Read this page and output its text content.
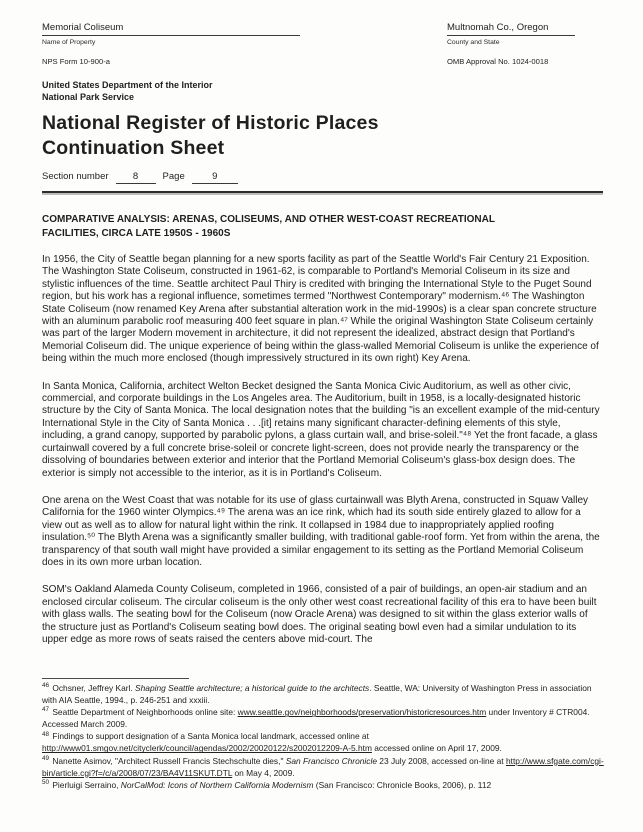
Memorial Coliseum
Name of Property
Multnomah Co., Oregon
County and State
NPS Form 10-900-a	OMB Approval No. 1024-0018
United States Department of the Interior
National Park Service
National Register of Historic Places
Continuation Sheet
Section number	8	Page	9
COMPARATIVE ANALYSIS: ARENAS, COLISEUMS, AND OTHER WEST-COAST RECREATIONAL FACILITIES, CIRCA LATE 1950S - 1960S

In 1956, the City of Seattle began planning for a new sports facility as part of the Seattle World's Fair Century 21 Exposition. The Washington State Coliseum, constructed in 1961-62, is comparable to Portland's Memorial Coliseum in its size and stylistic influences of the time. Seattle architect Paul Thiry is credited with bringing the International Style to the Puget Sound region, but his work has a regional influence, sometimes termed "Northwest Contemporary" modernism.⁴⁶ The Washington State Coliseum (now renamed Key Arena after substantial alteration work in the mid-1990s) is a clear span concrete structure with an aluminum parabolic roof measuring 400 feet square in plan.⁴⁷ While the original Washington State Coliseum certainly was part of the larger Modern movement in architecture, it did not represent the idealized, abstract design that Portland's Memorial Coliseum did. The unique experience of being within the glass-walled Memorial Coliseum is unlike the experience of being within the much more enclosed (though impressively structured in its own right) Key Arena.

In Santa Monica, California, architect Welton Becket designed the Santa Monica Civic Auditorium, as well as other civic, commercial, and corporate buildings in the Los Angeles area. The Auditorium, built in 1958, is a locally-designated historic structure by the City of Santa Monica. The local designation notes that the building "is an excellent example of the mid-century International Style in the City of Santa Monica . . .[it] retains many significant character-defining elements of this style, including, a grand canopy, supported by parabolic pylons, a glass curtain wall, and brise-soleil."⁴⁸ Yet the front facade, a glass curtainwall covered by a full concrete brise-soleil or concrete light-screen, does not provide nearly the transparency or the dissolving of boundaries between exterior and interior that the Portland Memorial Coliseum's glass-box design does. The exterior is simply not accessible to the interior, as it is in Portland's Coliseum.

One arena on the West Coast that was notable for its use of glass curtainwall was Blyth Arena, constructed in Squaw Valley California for the 1960 winter Olympics.⁴⁹ The arena was an ice rink, which had its south side entirely glazed to allow for a view out as well as to allow for natural light within the rink. It collapsed in 1984 due to inappropriately applied roofing insulation.⁵⁰ The Blyth Arena was a significantly smaller building, with traditional gable-roof form. Yet from within the arena, the transparency of that south wall might have provided a similar engagement to its setting as the Portland Memorial Coliseum does in its own more urban location.

SOM's Oakland Alameda County Coliseum, completed in 1966, consisted of a pair of buildings, an open-air stadium and an enclosed circular coliseum. The circular coliseum is the only other west coast recreational facility of this era to have been built with glass walls. The seating bowl for the Coliseum (now Oracle Arena) was designed to sit within the glass exterior walls of the structure just as Portland's Coliseum seating bowl does. The original seating bowl even had a similar undulation to its upper edge as more rows of seats raised the centers above mid-court. The

$^{46}$ Ochsner, Jeffrey Karl. Shaping Seattle architecture; a historical guide to the architects. Seattle, WA: University of Washington Press in association with AIA Seattle, 1994., p. 246-251 and xxxiii.
$^{47}$ Seattle Department of Neighborhoods online site: www.seattle.gov/neighborhoods/preservation/historicresources.htm under Inventory # CTR004. Accessed March 2009.
$^{48}$ Findings to support designation of a Santa Monica local landmark, accessed online at http://www01.smgov.net/cityclerk/council/agendas/2002/20020122/s2002012209-A-5.htm accessed online on April 17, 2009.
$^{49}$ Nanette Asimov, "Architect Russell Francis Stechschulte dies," San Francisco Chronicle 23 July 2008, accessed on-line at http://www.sfgate.com/cgi-bin/article.cgi?f=/c/a/2008/07/23/BA4V11SKUT.DTL on May 4, 2009.
$^{50}$ Pierluigi Serraino, NorCalMod: Icons of Northern California Modernism (San Francisco: Chronicle Books, 2006), p. 112
